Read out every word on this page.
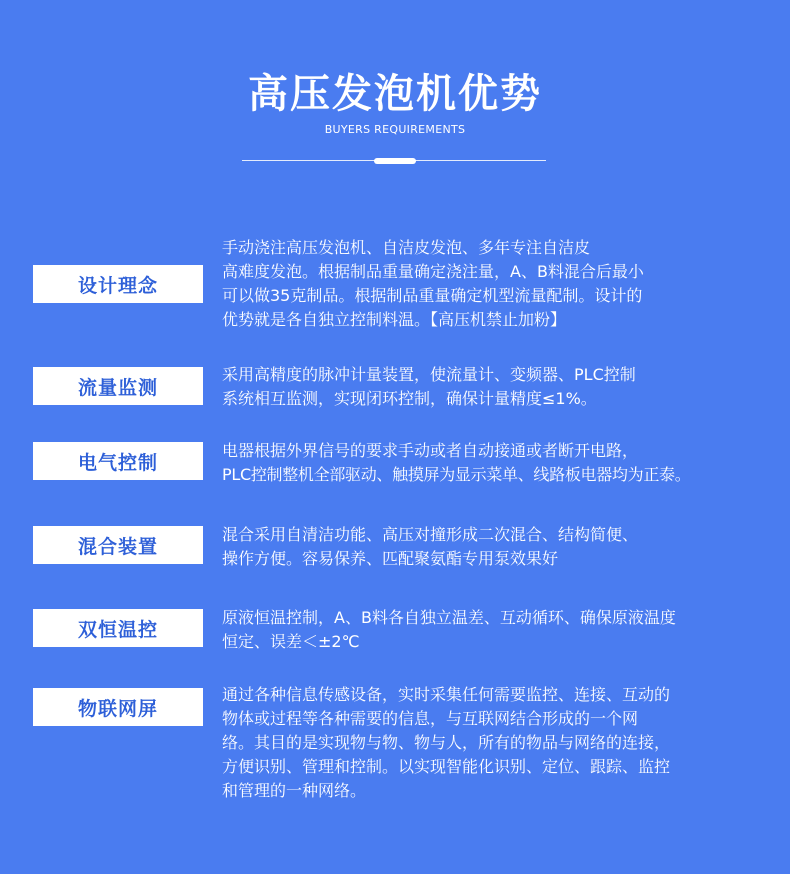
高压发泡机优势
BUYERS REQUIREMENTS
设计理念
手动浇注高压发泡机、自洁皮发泡、多年专注自洁皮
高难度发泡。根据制品重量确定浇注量，A、B料混合后最小
可以做35克制品。根据制品重量确定机型流量配制。设计的
优势就是各自独立控制料温。【高压机禁止加粉】
流量监测
采用高精度的脉冲计量装置，使流量计、变频器、PLC控制
系统相互监测，实现闭环控制，确保计量精度≤1%。
电气控制
电器根据外界信号的要求手动或者自动接通或者断开电路，
PLC控制整机全部驱动、触摸屏为显示菜单、线路板电器均为正泰。
混合装置
混合采用自清洁功能、高压对撞形成二次混合、结构简便、
操作方便。容易保养、匹配聚氨酯专用泵效果好
双恒温控
原液恒温控制，A、B料各自独立温差、互动循环、确保原液温度
恒定、误差＜±2℃
物联网屏
通过各种信息传感设备，实时采集任何需要监控、连接、互动的
物体或过程等各种需要的信息，与互联网结合形成的一个网
络。其目的是实现物与物、物与人，所有的物品与网络的连接，
方便识别、管理和控制。以实现智能化识别、定位、跟踪、监控
和管理的一种网络。
